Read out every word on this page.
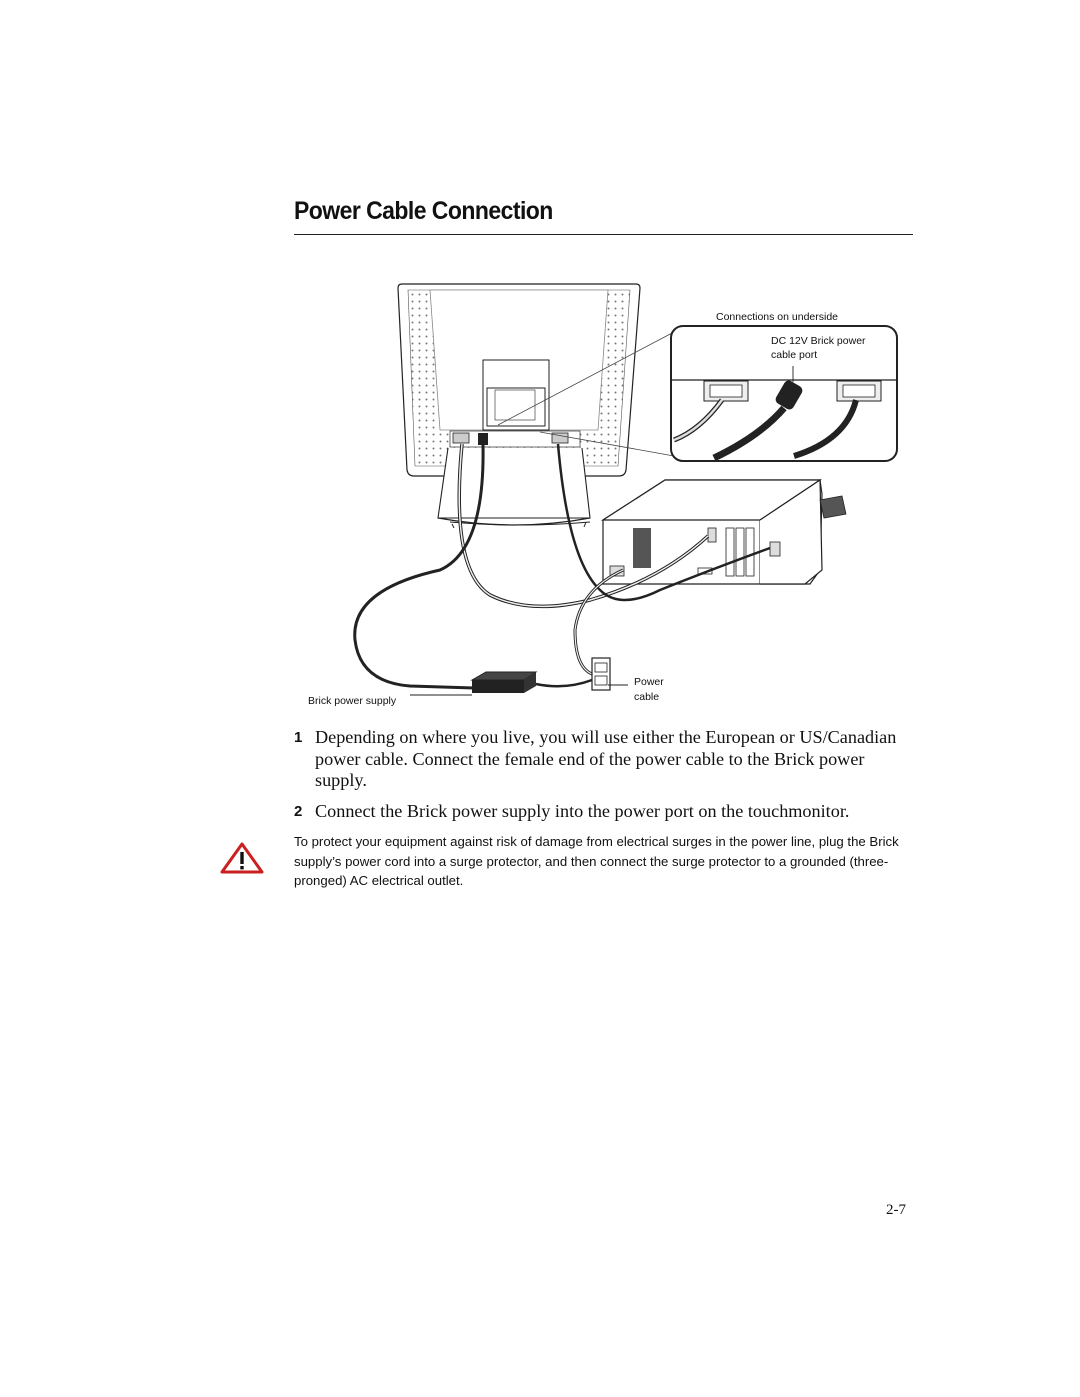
Power Cable Connection
Connections on underside
DC 12V Brick power
cable port
Brick power supply
Power
cable
1 Depending on where you live, you will use either the European or US/Canadian power cable. Connect the female end of the power cable to the Brick power supply.
2 Connect the Brick power supply into the power port on the touchmonitor.
To protect your equipment against risk of damage from electrical surges in the power line, plug the Brick supply’s power cord into a surge protector, and then connect the surge protector to a grounded (three-pronged) AC electrical outlet.
2-7
